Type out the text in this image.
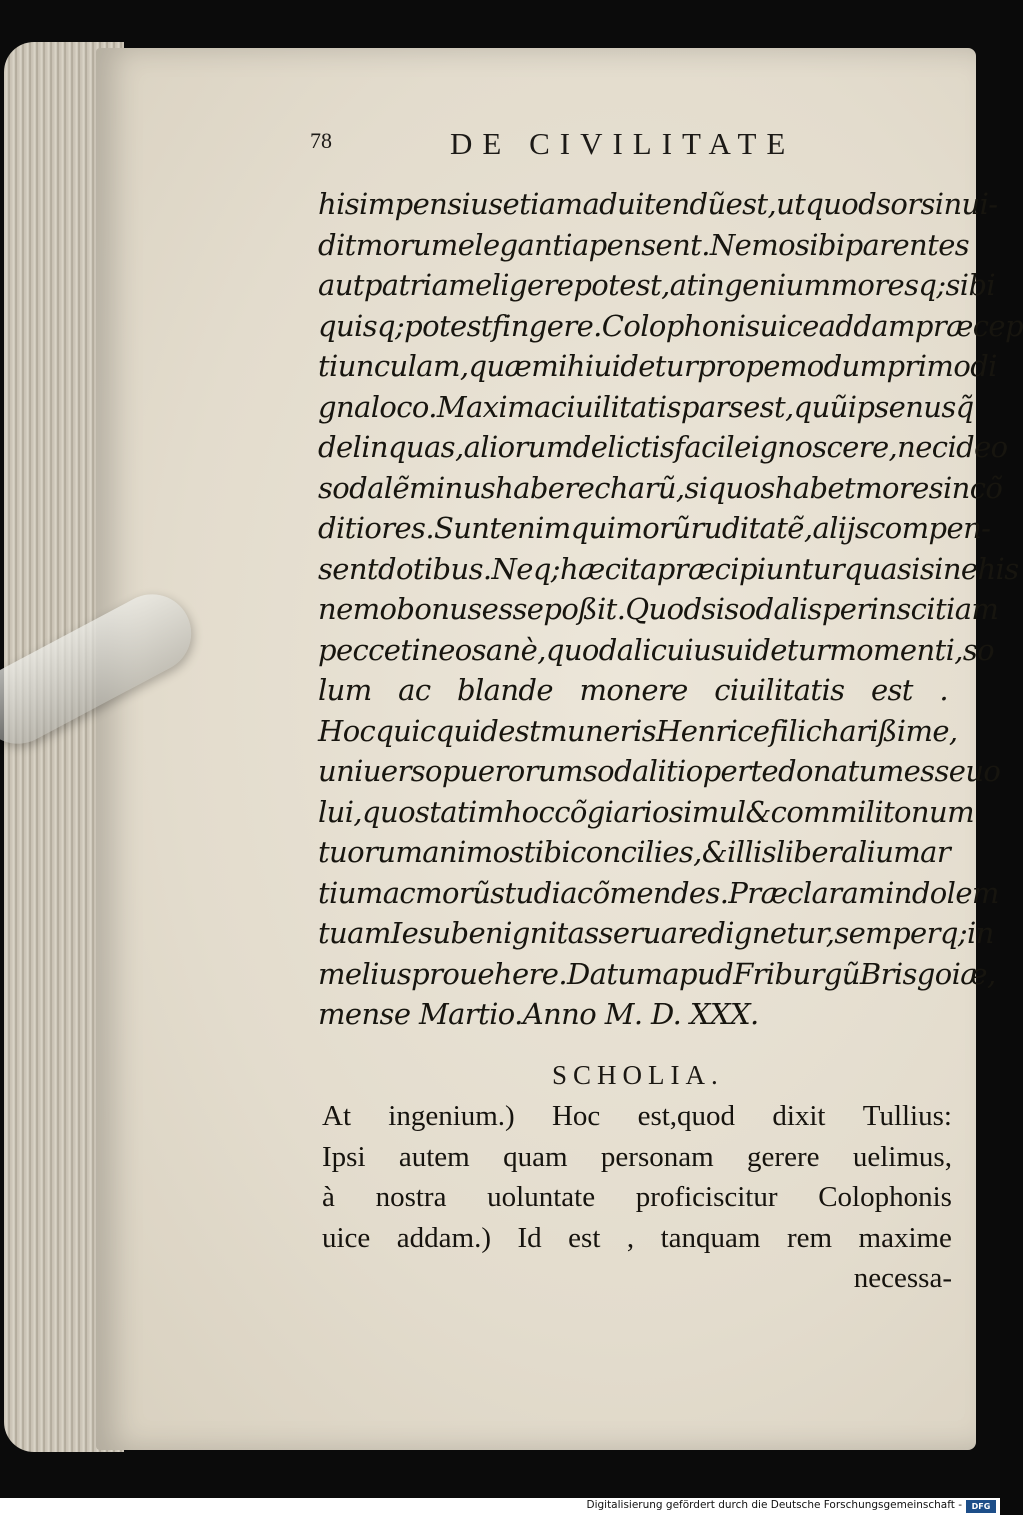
78	DE CIVILITATE
his impensius etiam aduitendũ est,ut quod sors inui-
dit morum elegantia pensent. Nemo sibi parentes
aut patriam eligere potest,at ingenium moresq; sibi
quisq; potest fingere.Colophonis uice addam præcep
tiunculam ,quæ mihi uidetur propemodum primo di
gna loco. Maxima ciuilitatis pars est , quũ ipse nusq̃
delinquas,aliorum delictis facile ignoscere , nec ideo
sodalẽ minus habere charũ,si quos habet mores incõ
ditiores. Sunt enim qui morũ ruditatẽ,alijs compen-
sent dotibus.Neq; hæc ita præcipiuntur quasi sine his
nemo bonus esse poßit. Quod si sodalis per inscitiam
peccet in eo sanè,quod alicuius uidetur momenti , so
lum ac blande monere ciuilitatis est .
Hoc quicquid est muneris Henrice fili charißime ,
uniuerso puerorum sodalitio per te donatum esse uo
lui,quo statim hoc cõgiario simul & commilitonum
tuorum animos tibi concilies, & illis liberalium ar
tium ac morũ studia cõmendes. Præclaram indolem
tuam Iesu benignitas seruare dignetur, semperq; in
melius prouehere. Datum apud Friburgũ Brisgoiæ,
mense Martio.Anno M. D. XXX.
SCHOLIA.
At ingenium.) Hoc est,quod dixit Tullius:
Ipsi autem quam personam gerere uelimus,
à nostra uoluntate proficiscitur Colophonis
uice addam.) Id est , tanquam rem maxime
necessa-
Digitalisierung gefördert durch die Deutsche Forschungsgemeinschaft -	DFG
